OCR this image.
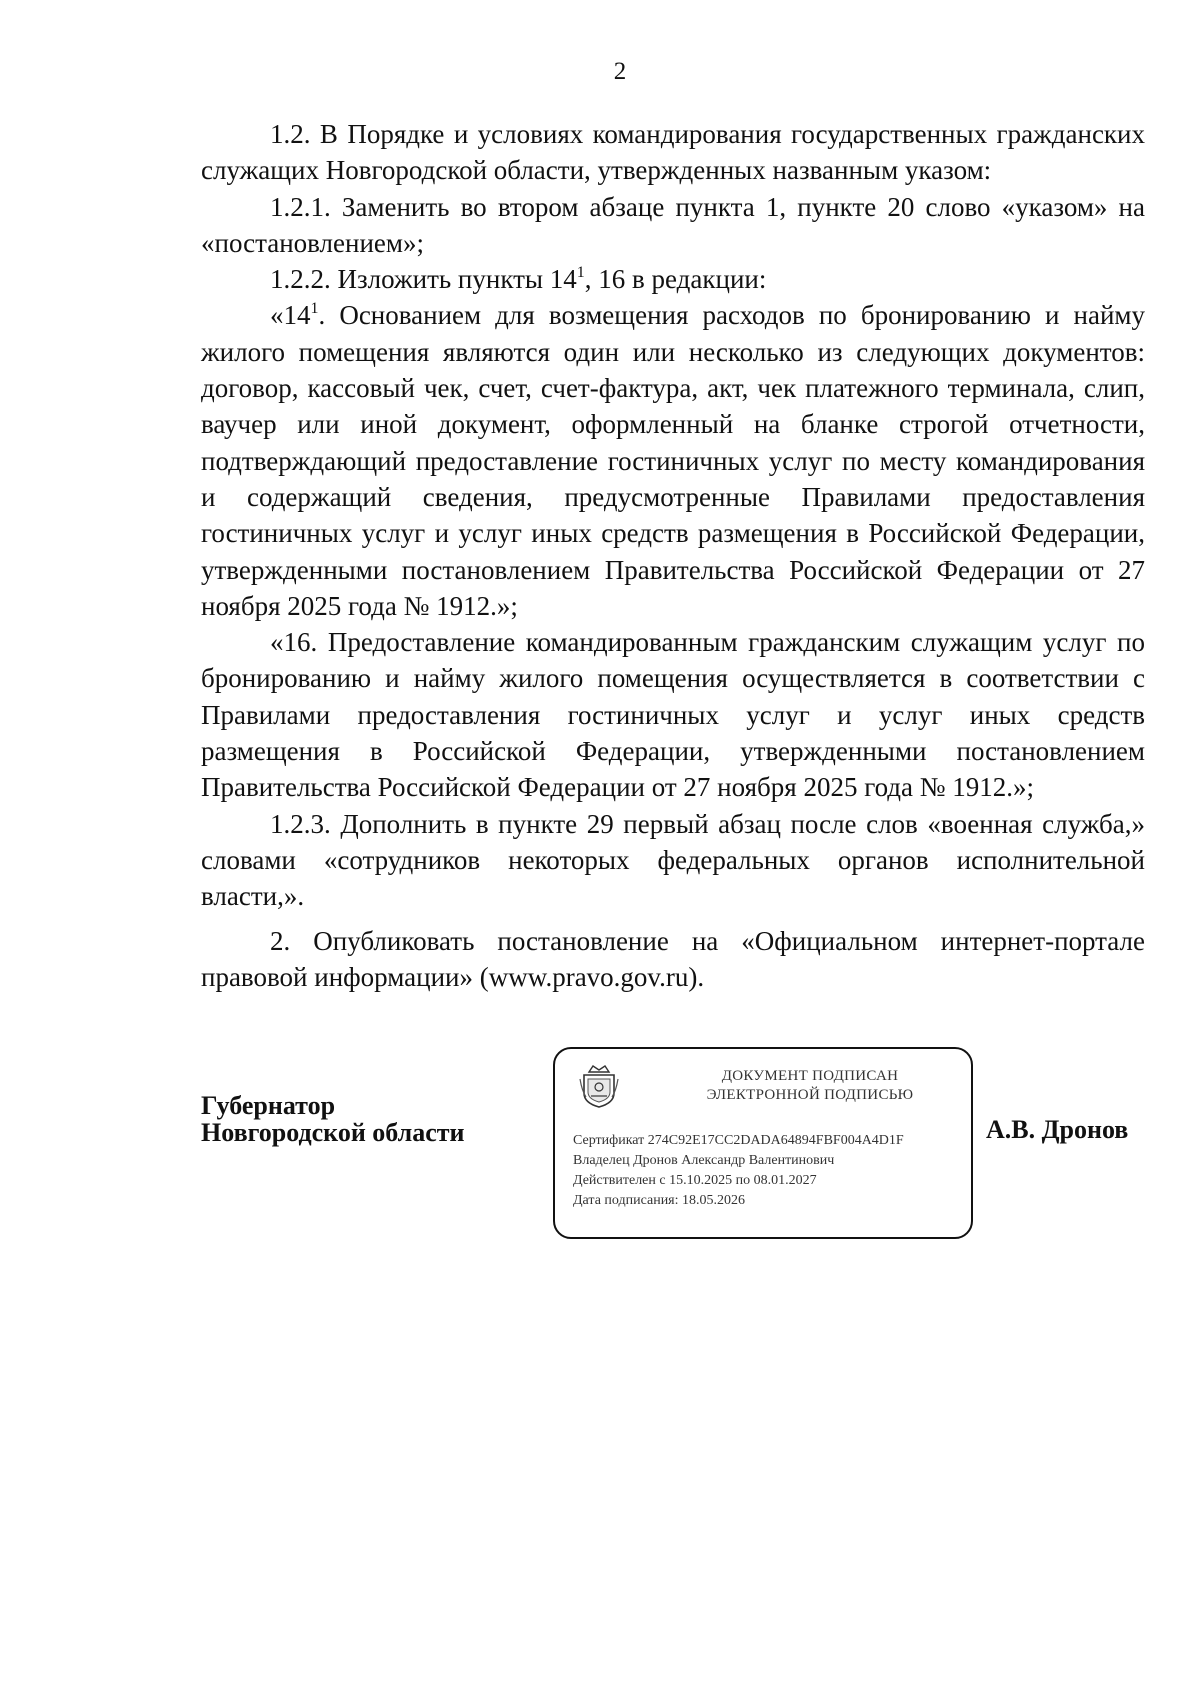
2

1.2. В Порядке и условиях командирования государственных гражданских служащих Новгородской области, утвержденных названным указом:

1.2.1. Заменить во втором абзаце пункта 1, пункте 20 слово «указом» на «постановлением»;

1.2.2. Изложить пункты $14^1$, 16 в редакции:

«$14^1$. Основанием для возмещения расходов по бронированию и найму жилого помещения являются один или несколько из следующих документов: договор, кассовый чек, счет, счет-фактура, акт, чек платежного терминала, слип, ваучер или иной документ, оформленный на бланке строгой отчетности, подтверждающий предоставление гостиничных услуг по месту командирования и содержащий сведения, предусмотренные Правилами предоставления гостиничных услуг и услуг иных средств размещения в Российской Федерации, утвержденными постановлением Правительства Российской Федерации от 27 ноября 2025 года № 1912.»;

«16. Предоставление командированным гражданским служащим услуг по бронированию и найму жилого помещения осуществляется в соответствии с Правилами предоставления гостиничных услуг и услуг иных средств размещения в Российской Федерации, утвержденными постановлением Правительства Российской Федерации от 27 ноября 2025 года № 1912.»;

1.2.3. Дополнить в пункте 29 первый абзац после слов «военная служба,» словами «сотрудников некоторых федеральных органов исполнительной власти,».

2. Опубликовать постановление на «Официальном интернет-портале правовой информации» (www.pravo.gov.ru).

Губернатор
Новгородской области
ДОКУМЕНТ ПОДПИСАН
ЭЛЕКТРОННОЙ ПОДПИСЬЮ
Сертификат 274C92E17CC2DADA64894FBF004A4D1F
Владелец Дронов Александр Валентинович
Действителен с 15.10.2025 по 08.01.2027
Дата подписания: 18.05.2026
А.В. Дронов
